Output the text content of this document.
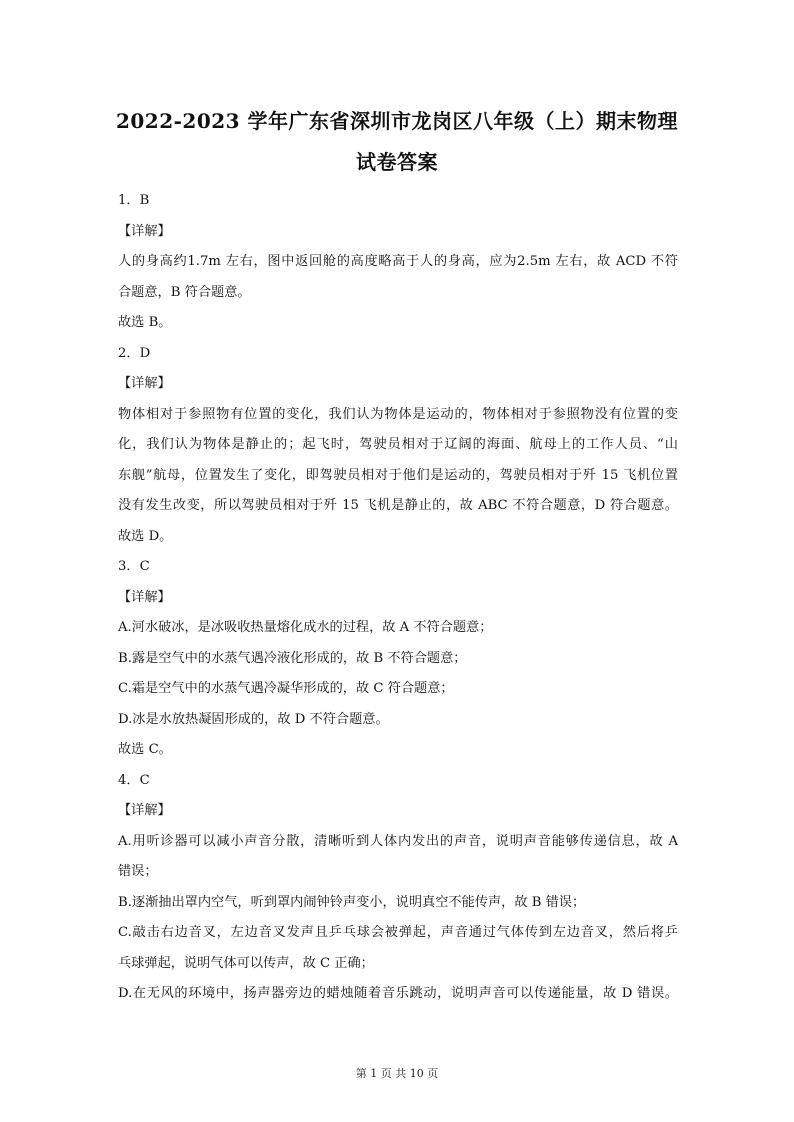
2022-2023 学年广东省深圳市龙岗区八年级（上）期末物理
试卷答案
1．B
【详解】
人的身高约1.7m 左右，图中返回舱的高度略高于人的身高，应为2.5m 左右，故 ACD 不符
合题意，B 符合题意。
故选 B。
2．D
【详解】
物体相对于参照物有位置的变化，我们认为物体是运动的，物体相对于参照物没有位置的变
化，我们认为物体是静止的；起飞时，驾驶员相对于辽阔的海面、航母上的工作人员、“山
东舰”航母，位置发生了变化，即驾驶员相对于他们是运动的，驾驶员相对于歼 15 飞机位置
没有发生改变，所以驾驶员相对于歼 15 飞机是静止的，故 ABC 不符合题意，D 符合题意。
故选 D。
3．C
【详解】
A.河水破冰，是冰吸收热量熔化成水的过程，故 A 不符合题意；
B.露是空气中的水蒸气遇冷液化形成的，故 B 不符合题意；
C.霜是空气中的水蒸气遇冷凝华形成的，故 C 符合题意；
D.冰是水放热凝固形成的，故 D 不符合题意。
故选 C。
4．C
【详解】
A.用听诊器可以减小声音分散，清晰听到人体内发出的声音，说明声音能够传递信息，故 A
错误；
B.逐渐抽出罩内空气，听到罩内闹钟铃声变小，说明真空不能传声，故 B 错误；
C.敲击右边音叉，左边音叉发声且乒乓球会被弹起，声音通过气体传到左边音叉，然后将乒
乓球弹起，说明气体可以传声，故 C 正确；
D.在无风的环境中，扬声器旁边的蜡烛随着音乐跳动，说明声音可以传递能量，故 D 错误。
第 1 页 共 10 页
